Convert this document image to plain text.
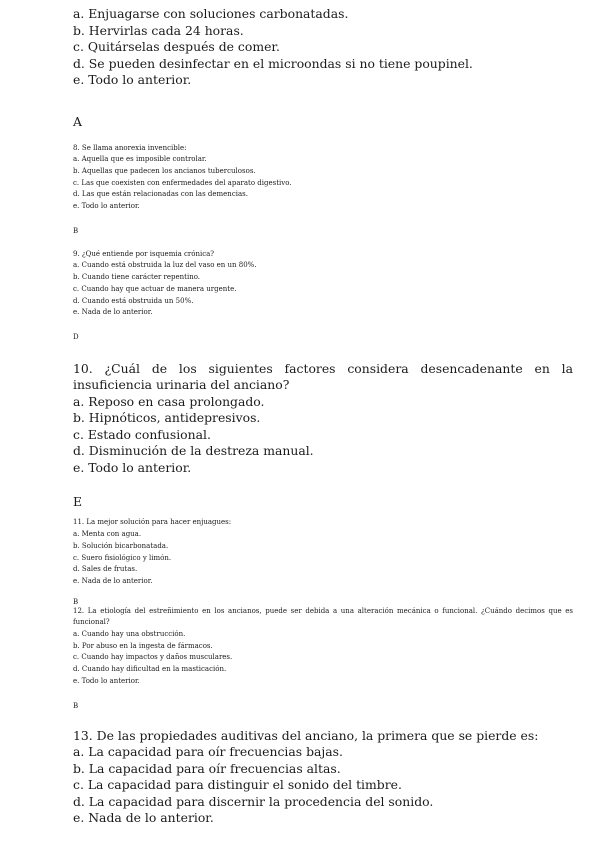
a. Enjuagarse con soluciones carbonatadas.
b. Hervirlas cada 24 horas.
c. Quitárselas después de comer.
d. Se pueden desinfectar en el microondas si no tiene poupinel.
e. Todo lo anterior.
A
8. Se llama anorexia invencible:
a. Aquella que es imposible controlar.
b. Aquellas que padecen los ancianos tuberculosos.
c. Las que coexisten con enfermedades del aparato digestivo.
d. Las que están relacionadas con las demencias.
e. Todo lo anterior.
B
9. ¿Qué entiende por isquemia crónica?
a. Cuando está obstruida la luz del vaso en un 80%.
b. Cuando tiene carácter repentino.
c. Cuando hay que actuar de manera urgente.
d. Cuando está obstruida un 50%.
e. Nada de lo anterior.
D
10. ¿Cuál de los siguientes factores considera desencadenante en la insuficiencia urinaria del anciano?
a. Reposo en casa prolongado.
b. Hipnóticos, antidepresivos.
c. Estado confusional.
d. Disminución de la destreza manual.
e. Todo lo anterior.
E
11. La mejor solución para hacer enjuagues:
a. Menta con agua.
b. Solución bicarbonatada.
c. Suero fisiológico y limón.
d. Sales de frutas.
e. Nada de lo anterior.
B
12. La etiología del estreñimiento en los ancianos, puede ser debida a una alteración mecánica o funcional. ¿Cuándo decimos que es funcional?
a. Cuando hay una obstrucción.
b. Por abuso en la ingesta de fármacos.
c. Cuando hay impactos y daños musculares.
d. Cuando hay dificultad en la masticación.
e. Todo lo anterior.
B
13. De las propiedades auditivas del anciano, la primera que se pierde es:
a. La capacidad para oír frecuencias bajas.
b. La capacidad para oír frecuencias altas.
c. La capacidad para distinguir el sonido del timbre.
d. La capacidad para discernir la procedencia del sonido.
e. Nada de lo anterior.
